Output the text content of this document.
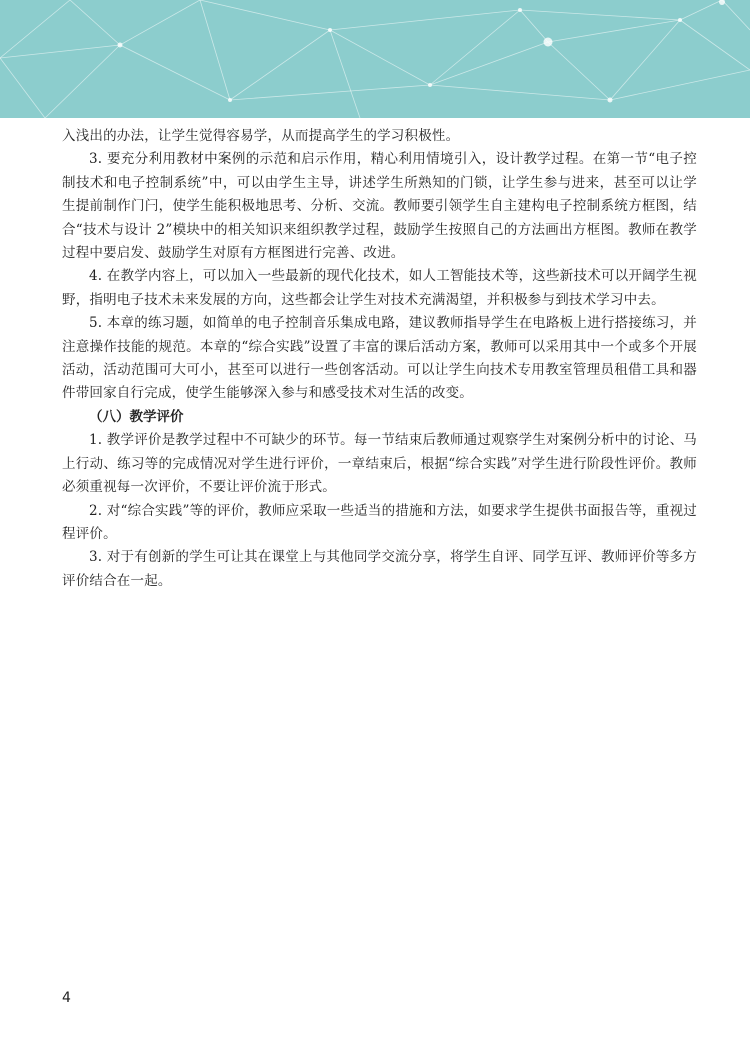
入浅出的办法，让学生觉得容易学，从而提高学生的学习积极性。

3. 要充分利用教材中案例的示范和启示作用，精心利用情境引入，设计教学过程。在第一节“电子控制技术和电子控制系统”中，可以由学生主导，讲述学生所熟知的门锁，让学生参与进来，甚至可以让学生提前制作门闩，使学生能积极地思考、分析、交流。教师要引领学生自主建构电子控制系统方框图，结合“技术与设计 2”模块中的相关知识来组织教学过程，鼓励学生按照自己的方法画出方框图。教师在教学过程中要启发、鼓励学生对原有方框图进行完善、改进。

4. 在教学内容上，可以加入一些最新的现代化技术，如人工智能技术等，这些新技术可以开阔学生视野，指明电子技术未来发展的方向，这些都会让学生对技术充满渴望，并积极参与到技术学习中去。

5. 本章的练习题，如简单的电子控制音乐集成电路，建议教师指导学生在电路板上进行搭接练习，并注意操作技能的规范。本章的“综合实践”设置了丰富的课后活动方案，教师可以采用其中一个或多个开展活动，活动范围可大可小，甚至可以进行一些创客活动。可以让学生向技术专用教室管理员租借工具和器件带回家自行完成，使学生能够深入参与和感受技术对生活的改变。

（八）教学评价

1. 教学评价是教学过程中不可缺少的环节。每一节结束后教师通过观察学生对案例分析中的讨论、马上行动、练习等的完成情况对学生进行评价，一章结束后，根据“综合实践”对学生进行阶段性评价。教师必须重视每一次评价，不要让评价流于形式。

2. 对“综合实践”等的评价，教师应采取一些适当的措施和方法，如要求学生提供书面报告等，重视过程评价。

3. 对于有创新的学生可让其在课堂上与其他同学交流分享，将学生自评、同学互评、教师评价等多方评价结合在一起。

4
